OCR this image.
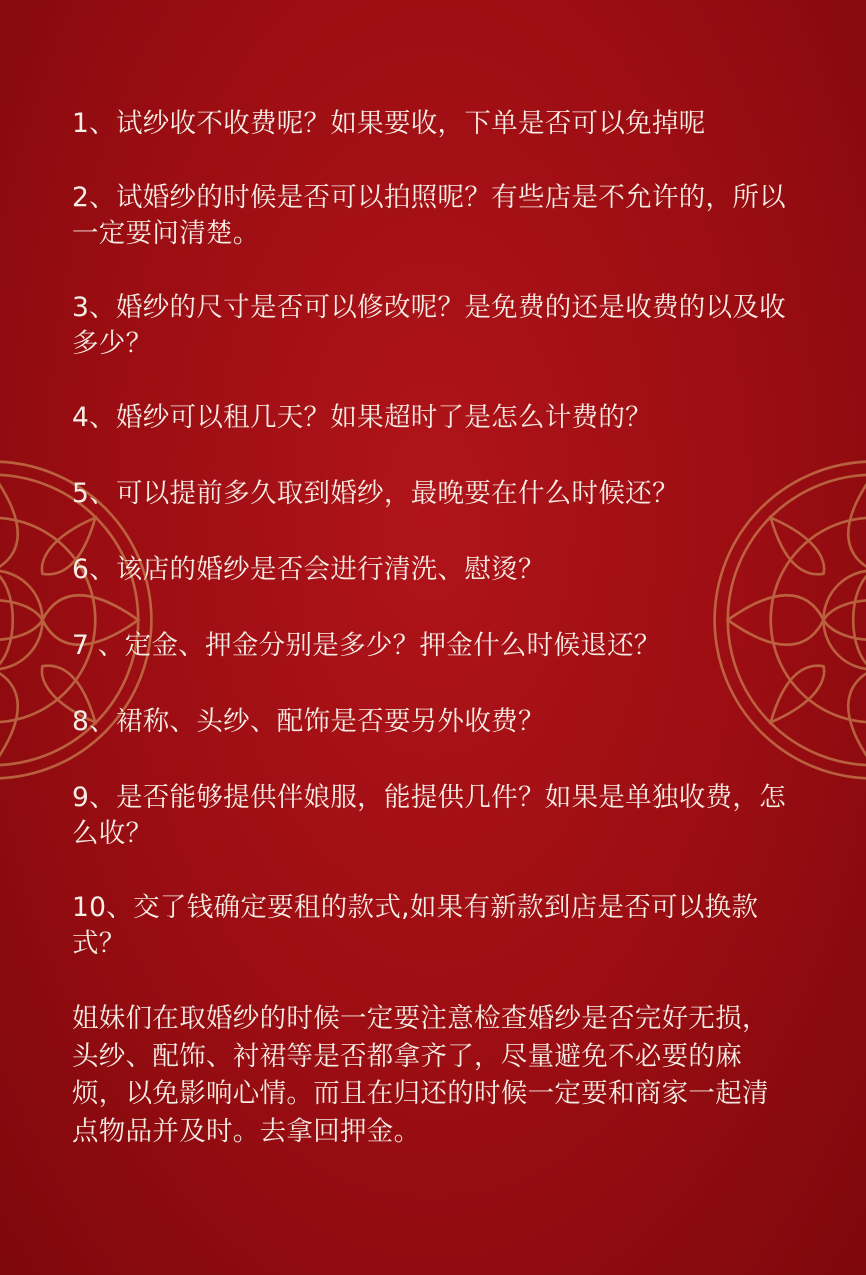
1、试纱收不收费呢？如果要收，下单是否可以免掉呢

2、试婚纱的时候是否可以拍照呢？有些店是不允许的，所以一定要问清楚。

3、婚纱的尺寸是否可以修改呢？是免费的还是收费的以及收多少？

4、婚纱可以租几天？如果超时了是怎么计费的？

5、可以提前多久取到婚纱，最晚要在什么时候还？

6、该店的婚纱是否会进行清洗、慰烫？

7 、定金、押金分别是多少？押金什么时候退还？

8、裙称、头纱、配饰是否要另外收费？

9、是否能够提供伴娘服，能提供几件？如果是单独收费，怎么收？

10、交了钱确定要租的款式,如果有新款到店是否可以换款式？

姐妹们在取婚纱的时候一定要注意检查婚纱是否完好无损，头纱、配饰、衬裙等是否都拿齐了，尽量避免不必要的麻烦，以免影响心情。而且在归还的时候一定要和商家一起清点物品并及时。去拿回押金。
